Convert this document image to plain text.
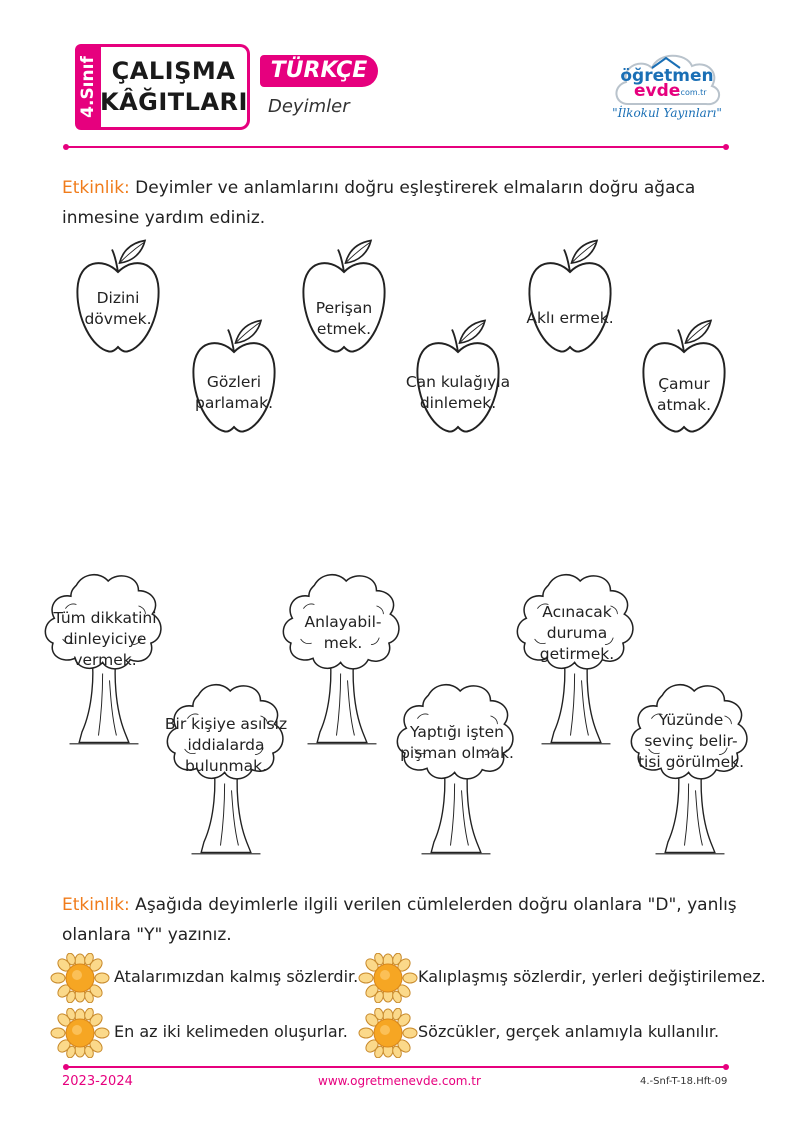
4.Sınıf ÇALIŞMA
KÂĞITLARI
TÜRKÇE
Deyimler
öğretmen
evde
.com.tr
"İlkokul Yayınları"
Etkinlik: Deyimler ve anlamlarını doğru eşleştirerek elmaların doğru ağaca
inmesine yardım ediniz.
Dizini
dövmek.
Gözleri
parlamak.
Perişan
etmek.
Can kulağıyla
dinlemek.
Aklı ermek.
Çamur
atmak.
Tüm dikkatini
dinleyiciye
vermek.
Bir kişiye asılsız
iddialarda
bulunmak.
Anlayabil-
mek.
Yaptığı işten
pişman olmak.
Acınacak
duruma
getirmek.
Yüzünde
sevinç belir-
tisi görülmek.
Etkinlik: Aşağıda deyimlerle ilgili verilen cümlelerden doğru olanlara "D", yanlış
olanlara "Y" yazınız.
Atalarımızdan kalmış sözlerdir.	Kalıplaşmış sözlerdir, yerleri değiştirilemez.
En az iki kelimeden oluşurlar.	Sözcükler, gerçek anlamıyla kullanılır.
2023-2024	www.ogretmenevde.com.tr	4.-Snf-T-18.Hft-09
